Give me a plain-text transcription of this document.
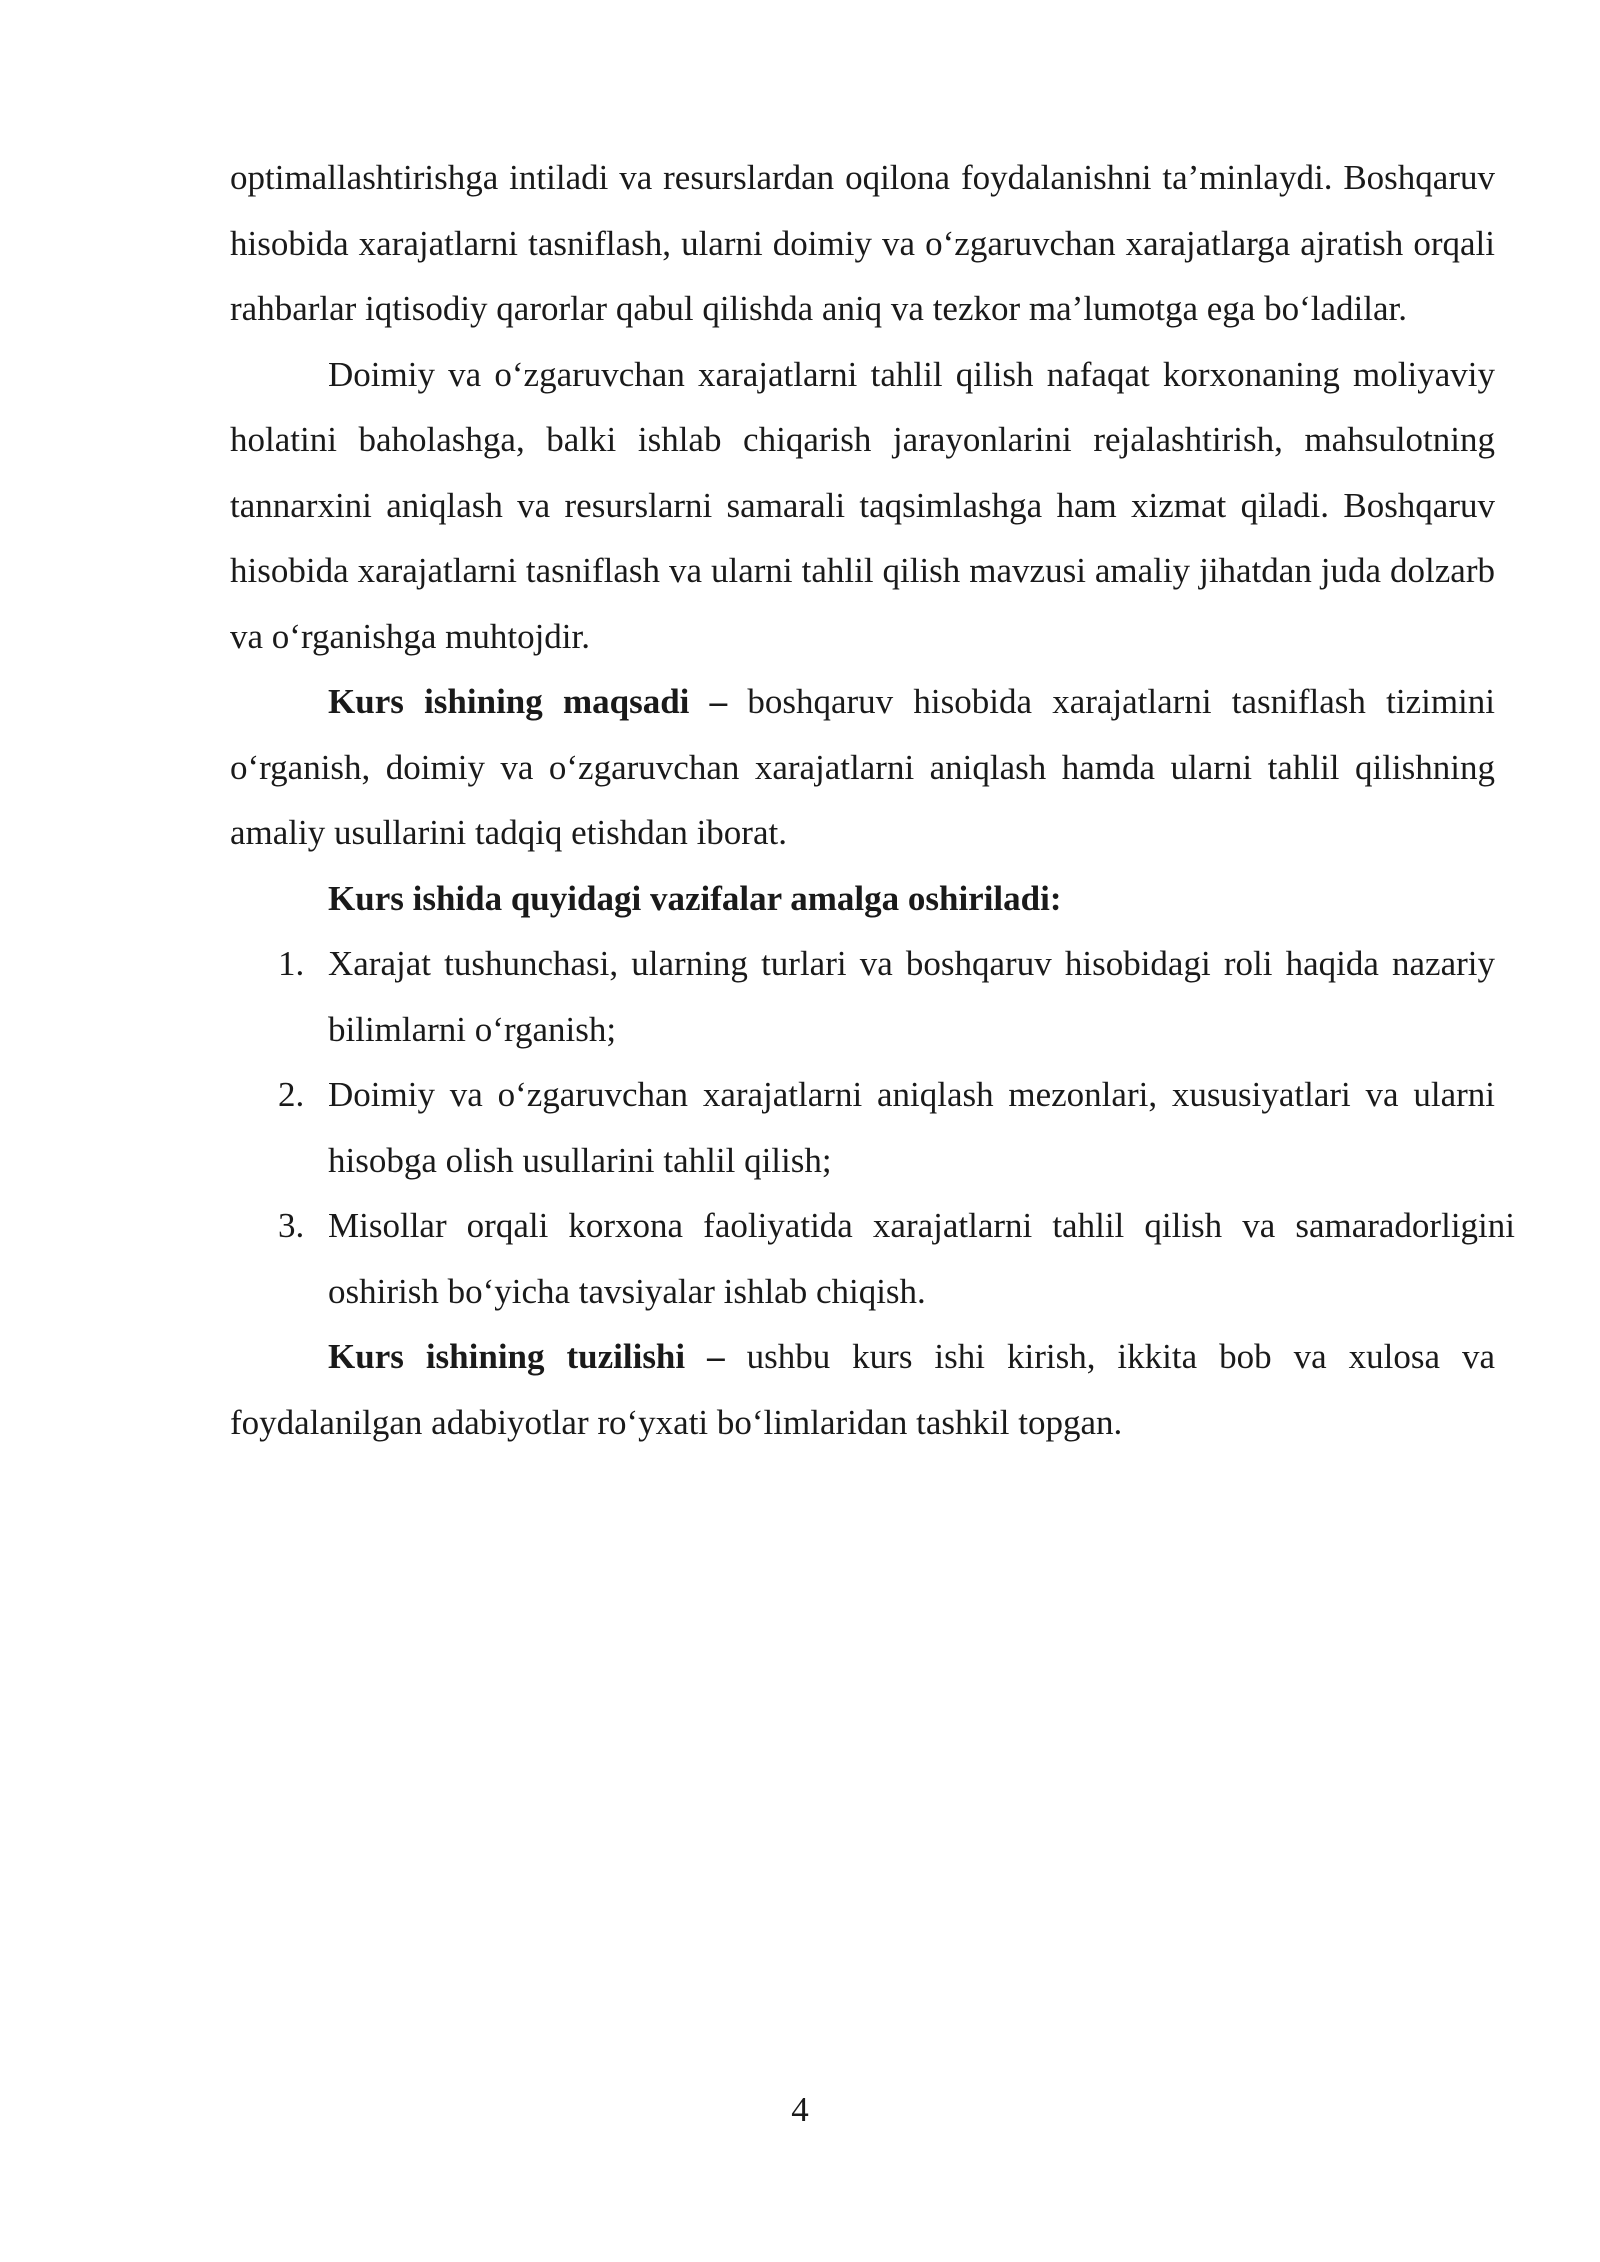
optimallashtirishga intiladi va resurslardan oqilona foydalanishni ta’minlaydi. Boshqaruv hisobida xarajatlarni tasniflash, ularni doimiy va o‘zgaruvchan xarajatlarga ajratish orqali rahbarlar iqtisodiy qarorlar qabul qilishda aniq va tezkor ma’lumotga ega bo‘ladilar.

Doimiy va o‘zgaruvchan xarajatlarni tahlil qilish nafaqat korxonaning moliyaviy holatini baholashga, balki ishlab chiqarish jarayonlarini rejalashtirish, mahsulotning tannarxini aniqlash va resurslarni samarali taqsimlashga ham xizmat qiladi. Boshqaruv hisobida xarajatlarni tasniflash va ularni tahlil qilish mavzusi amaliy jihatdan juda dolzarb va o‘rganishga muhtojdir.

Kurs ishining maqsadi – boshqaruv hisobida xarajatlarni tasniflash tizimini o‘rganish, doimiy va o‘zgaruvchan xarajatlarni aniqlash hamda ularni tahlil qilishning amaliy usullarini tadqiq etishdan iborat.

Kurs ishida quyidagi vazifalar amalga oshiriladi:

1. Xarajat tushunchasi, ularning turlari va boshqaruv hisobidagi roli haqida nazariy bilimlarni o‘rganish;
2. Doimiy va o‘zgaruvchan xarajatlarni aniqlash mezonlari, xususiyatlari va ularni hisobga olish usullarini tahlil qilish;
3. Misollar orqali korxona faoliyatida xarajatlarni tahlil qilish va samaradorligini oshirish bo‘yicha tavsiyalar ishlab chiqish.

Kurs ishining tuzilishi – ushbu kurs ishi kirish, ikkita bob va xulosa va foydalanilgan adabiyotlar ro‘yxati bo‘limlaridan tashkil topgan.

4
